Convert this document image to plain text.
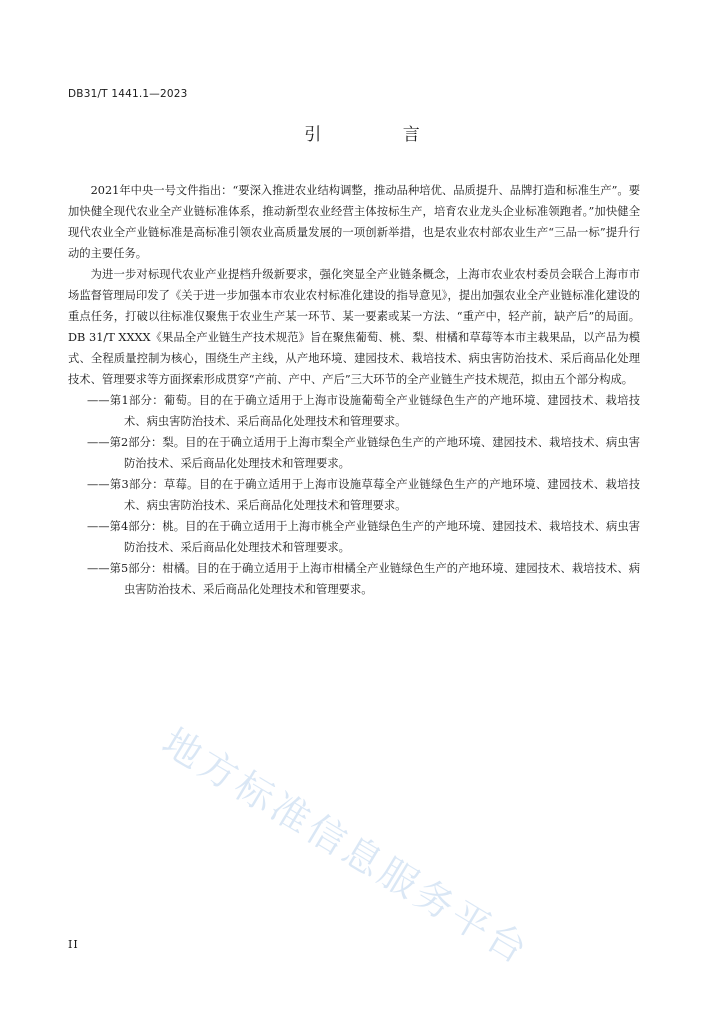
DB31/T 1441.1—2023
引 言

2021年中央一号文件指出：“要深入推进农业结构调整，推动品种培优、品质提升、品牌打造和标准生产”。要加快健全现代农业全产业链标准体系，推动新型农业经营主体按标生产，培育农业龙头企业标准领跑者。”加快健全现代农业全产业链标准是高标准引领农业高质量发展的一项创新举措，也是农业农村部农业生产“三品一标”提升行动的主要任务。

为进一步对标现代农业产业提档升级新要求，强化突显全产业链条概念，上海市农业农村委员会联合上海市市场监督管理局印发了《关于进一步加强本市农业农村标准化建设的指导意见》，提出加强农业全产业链标准化建设的重点任务，打破以往标准仅聚焦于农业生产某一环节、某一要素或某一方法、“重产中，轻产前，缺产后”的局面。DB 31/T XXXX《果品全产业链生产技术规范》旨在聚焦葡萄、桃、梨、柑橘和草莓等本市主栽果品，以产品为模式、全程质量控制为核心，围绕生产主线，从产地环境、建园技术、栽培技术、病虫害防治技术、采后商品化处理技术、管理要求等方面探索形成贯穿“产前、产中、产后”三大环节的全产业链生产技术规范，拟由五个部分构成。

——第1部分：葡萄。目的在于确立适用于上海市设施葡萄全产业链绿色生产的产地环境、建园技术、栽培技术、病虫害防治技术、采后商品化处理技术和管理要求。
——第2部分：梨。目的在于确立适用于上海市梨全产业链绿色生产的产地环境、建园技术、栽培技术、病虫害防治技术、采后商品化处理技术和管理要求。
——第3部分：草莓。目的在于确立适用于上海市设施草莓全产业链绿色生产的产地环境、建园技术、栽培技术、病虫害防治技术、采后商品化处理技术和管理要求。
——第4部分：桃。目的在于确立适用于上海市桃全产业链绿色生产的产地环境、建园技术、栽培技术、病虫害防治技术、采后商品化处理技术和管理要求。
——第5部分：柑橘。目的在于确立适用于上海市柑橘全产业链绿色生产的产地环境、建园技术、栽培技术、病虫害防治技术、采后商品化处理技术和管理要求。
地方标准信息服务平台
II
